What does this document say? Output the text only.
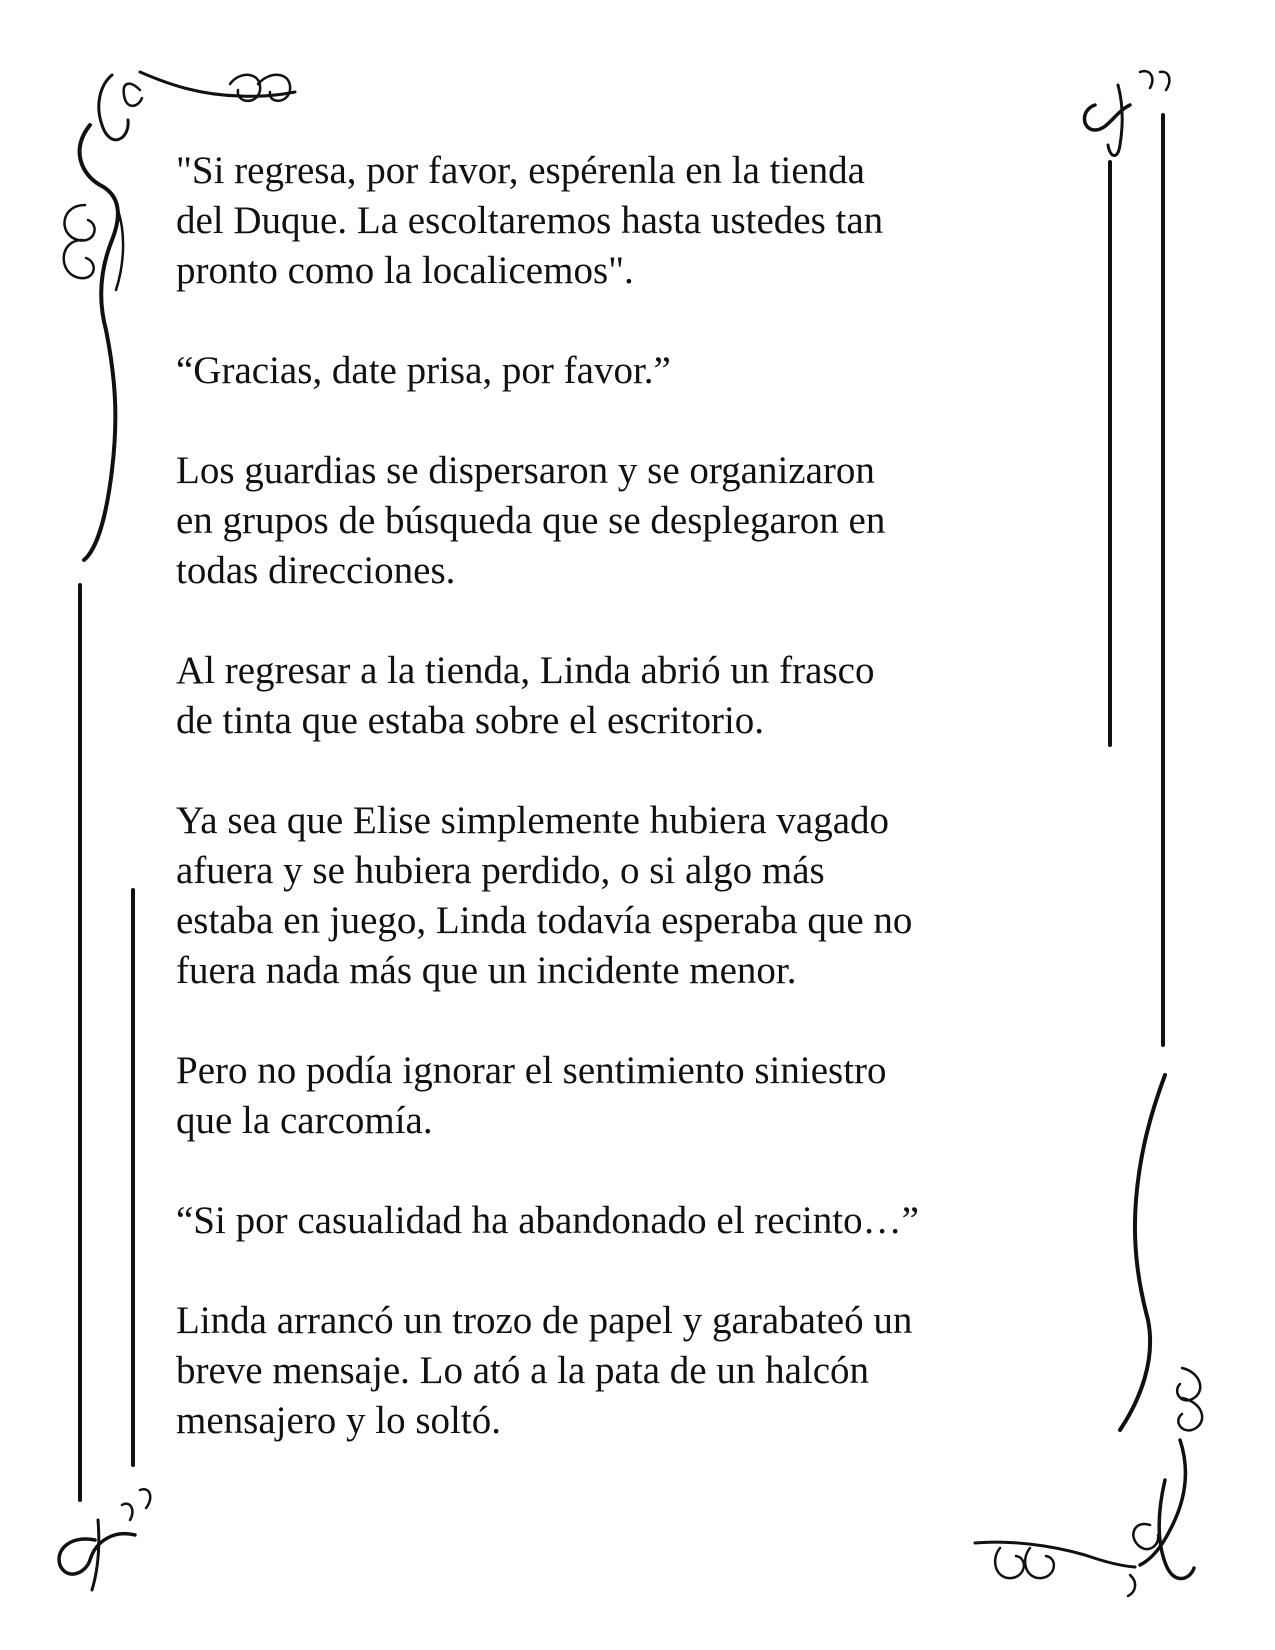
"Si regresa, por favor, espérenla en la tienda
del Duque. La escoltaremos hasta ustedes tan
pronto como la localicemos".

“Gracias, date prisa, por favor.”

Los guardias se dispersaron y se organizaron
en grupos de búsqueda que se desplegaron en
todas direcciones.

Al regresar a la tienda, Linda abrió un frasco
de tinta que estaba sobre el escritorio.

Ya sea que Elise simplemente hubiera vagado
afuera y se hubiera perdido, o si algo más
estaba en juego, Linda todavía esperaba que no
fuera nada más que un incidente menor.

Pero no podía ignorar el sentimiento siniestro
que la carcomía.

“Si por casualidad ha abandonado el recinto…”

Linda arrancó un trozo de papel y garabateó un
breve mensaje. Lo ató a la pata de un halcón
mensajero y lo soltó.
